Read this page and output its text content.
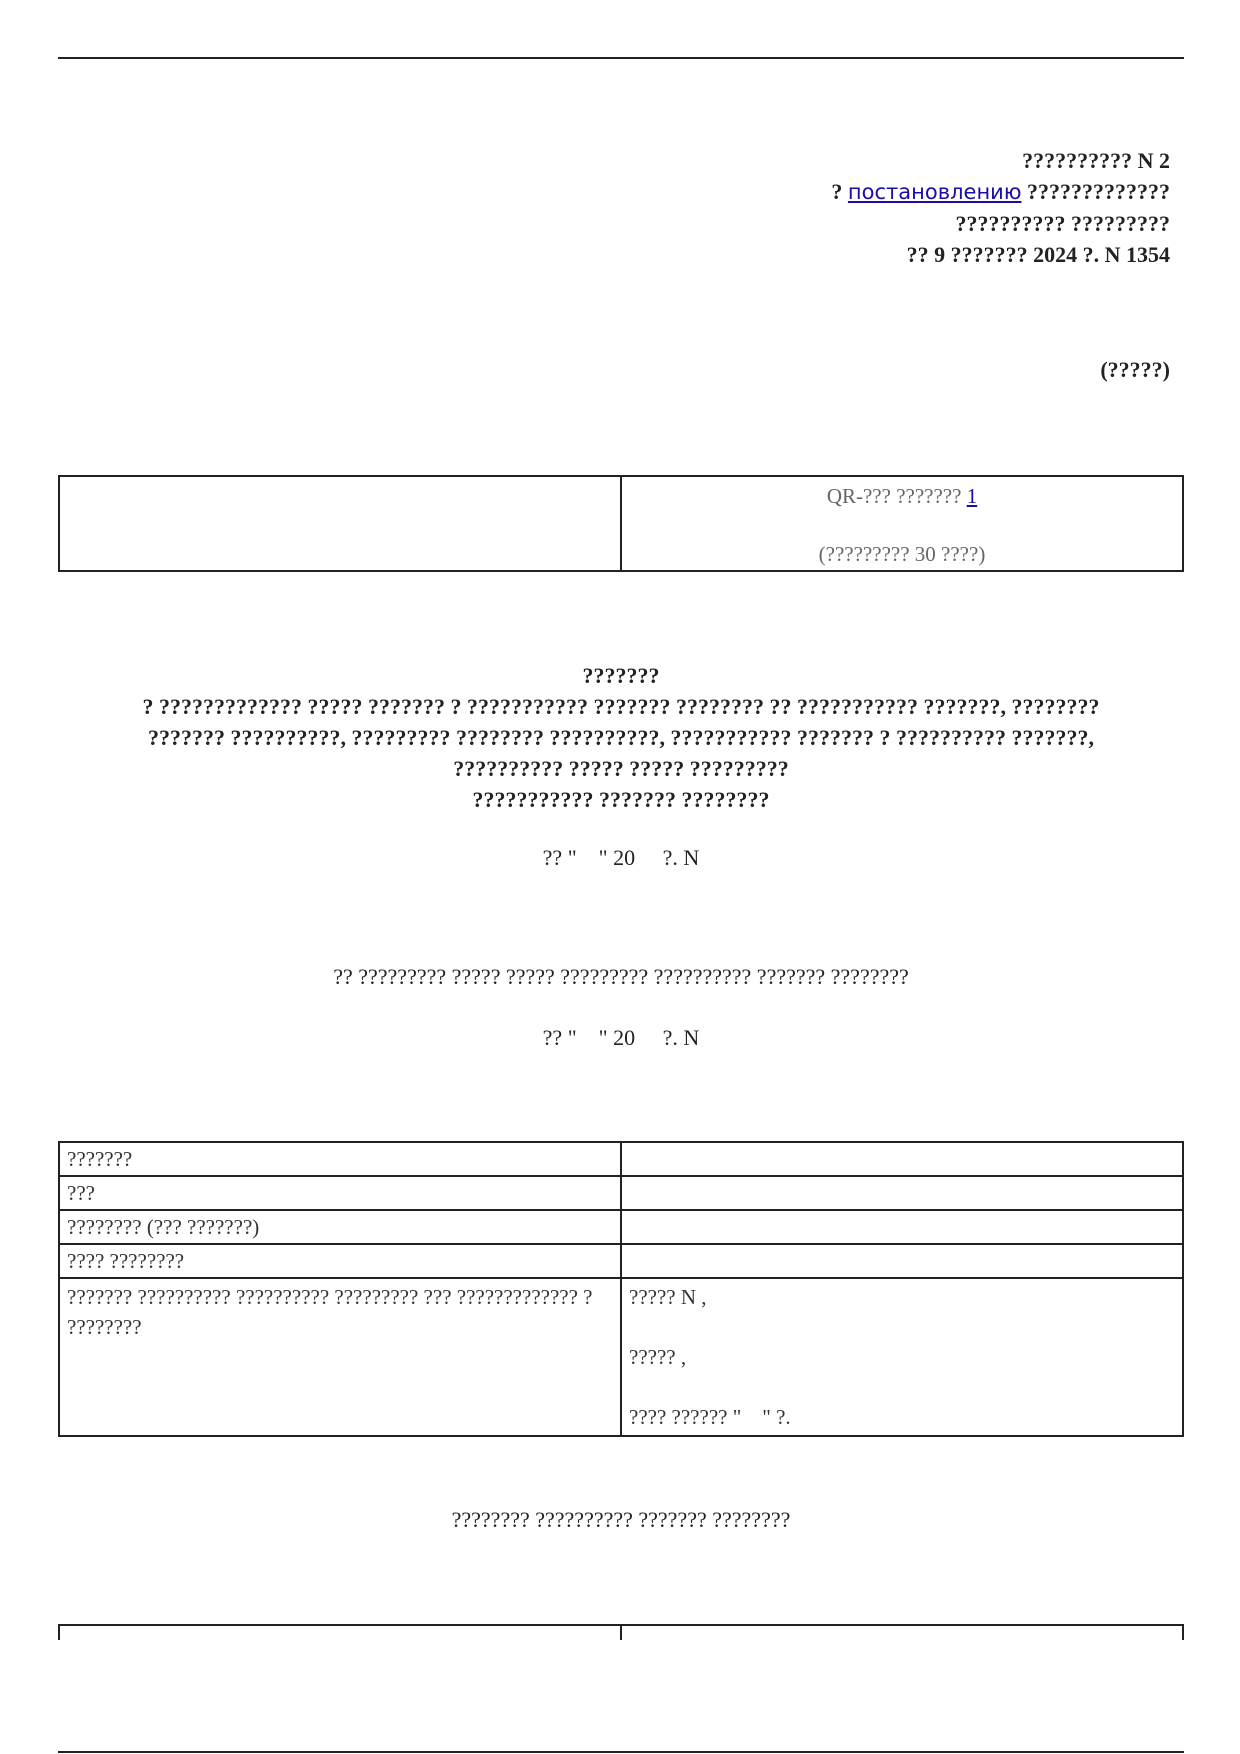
?????????? N 2
? постановлению ?????????????
?????????? ?????????
?? 9 ??????? 2024 ?. N 1354
(?????)

QR-??? ??????? 1
(????????? 30 ????)
???????
? ????????????? ????? ??????? ? ??????????? ??????? ???????? ?? ??????????? ???????, ????????
??????? ??????????, ????????? ???????? ??????????, ??????????? ??????? ? ?????????? ???????,
?????????? ????? ????? ?????????
??????????? ??????? ????????
?? "    " 20     ?. N
?? ????????? ????? ????? ????????? ?????????? ??????? ????????
?? "    " 20     ?. N
???????	
???	
???????? (??? ???????)	
???? ????????	
??????? ?????????? ?????????? ????????? ??? ????????????? ? ????????	????? N ,
????? ,
???? ?????? "    " ?.
???????? ?????????? ??????? ????????
